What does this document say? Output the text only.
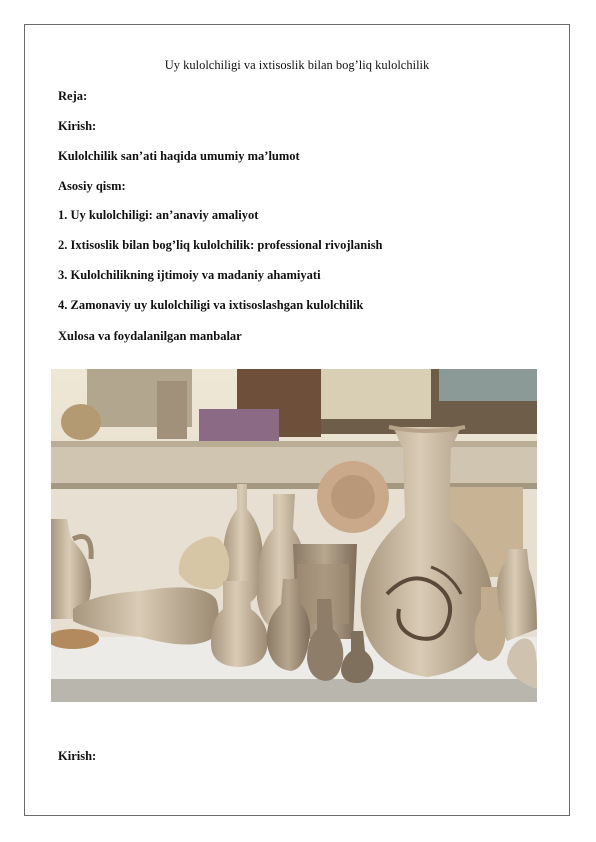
Uy kulolchiligi va ixtisoslik bilan bog’liq kulolchilik
Reja:
Kirish:
Kulolchilik san’ati haqida umumiy ma’lumot
Asosiy qism:
1. Uy kulolchiligi: an’anaviy amaliyot
2. Ixtisoslik bilan bog’liq kulolchilik: professional rivojlanish
3. Kulolchilikning ijtimoiy va madaniy ahamiyati
4. Zamonaviy uy kulolchiligi va ixtisoslashgan kulolchilik
Xulosa va foydalanilgan manbalar
Kirish:
